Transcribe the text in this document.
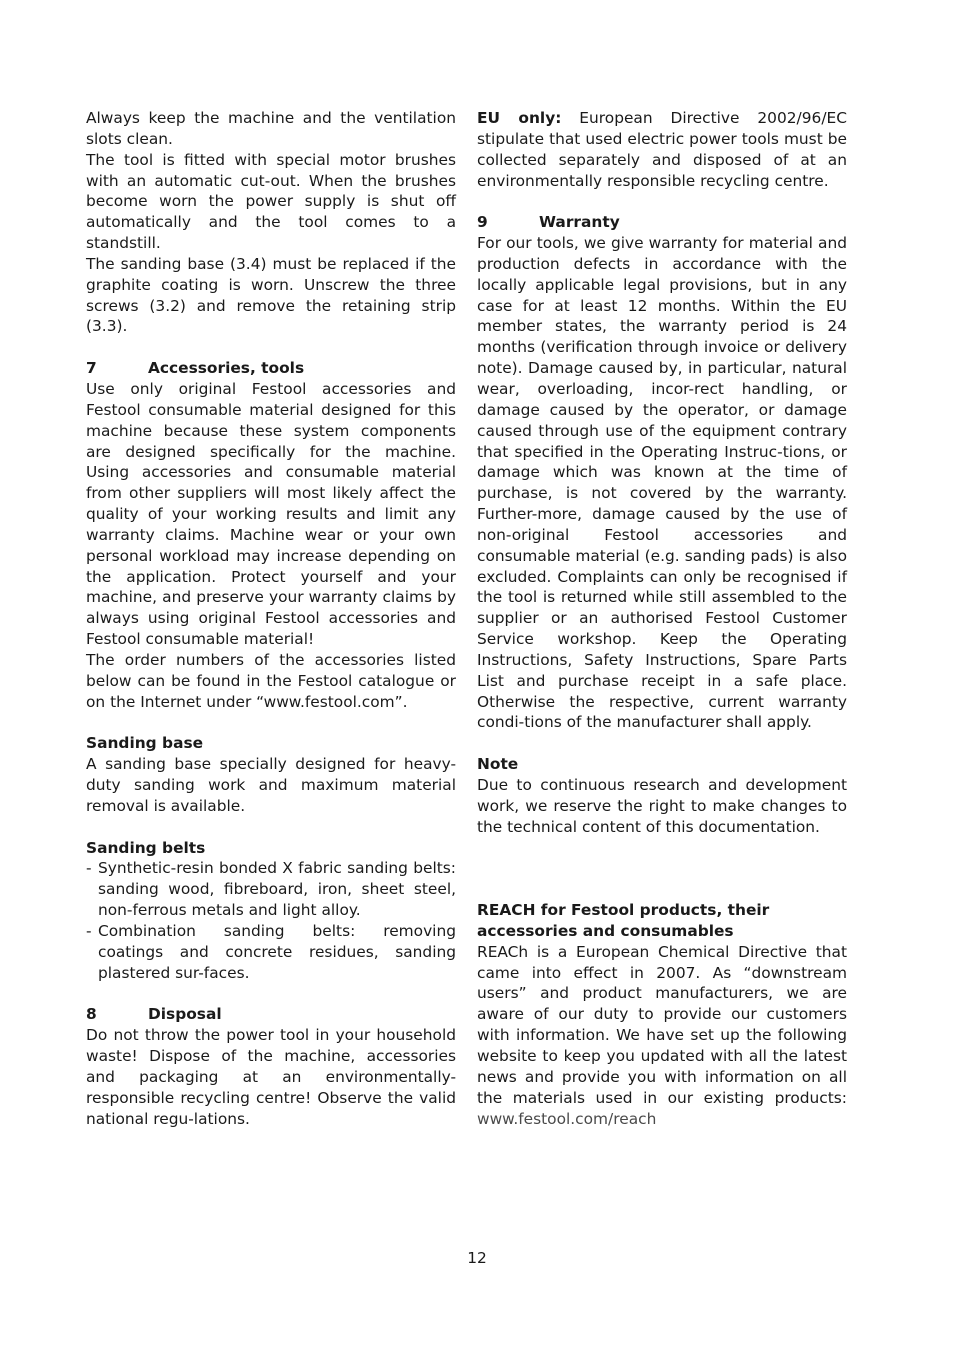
Always keep the machine and the ventilation slots clean.

The tool is fitted with special motor brushes with an automatic cut-out. When the brushes become worn the power supply is shut off automatically and the tool comes to a standstill.

The sanding base (3.4) must be replaced if the graphite coating is worn. Unscrew the three screws (3.2) and remove the retaining strip (3.3).

7	Accessories, tools

Use only original Festool accessories and Festool consumable material designed for this machine because these system components are designed specifically for the machine. Using accessories and consumable material from other suppliers will most likely affect the quality of your working results and limit any warranty claims. Machine wear or your own personal workload may increase depending on the application. Protect yourself and your machine, and preserve your warranty claims by always using original Festool accessories and Festool consumable material!

The order numbers of the accessories listed below can be found in the Festool catalogue or on the Internet under “www.festool.com”.

Sanding base

A sanding base specially designed for heavy-duty sanding work and maximum material removal is available.

Sanding belts

- Synthetic-resin bonded X fabric sanding belts: sanding wood, fibreboard, iron, sheet steel, non-ferrous metals and light alloy.
- Combination sanding belts: removing coatings and concrete residues, sanding plastered sur-faces.

8	Disposal

Do not throw the power tool in your household waste! Dispose of the machine, accessories and packaging at an environmentally-responsible recycling centre! Observe the valid national regu-lations.

EU only: European Directive 2002/96/EC stipulate that used electric power tools must be collected separately and disposed of at an environmentally responsible recycling centre.

9	Warranty

For our tools, we give warranty for material and production defects in accordance with the locally applicable legal provisions, but in any case for at least 12 months. Within the EU member states, the warranty period is 24 months (verification through invoice or delivery note). Damage caused by, in particular, natural wear, overloading, incor-rect handling, or damage caused by the operator, or damage caused through use of the equipment contrary that specified in the Operating Instruc-tions, or damage which was known at the time of purchase, is not covered by the warranty. Further-more, damage caused by the use of non-original Festool accessories and consumable material (e.g. sanding pads) is also excluded. Complaints can only be recognised if the tool is returned while still assembled to the supplier or an authorised Festool Customer Service workshop. Keep the Operating Instructions, Safety Instructions, Spare Parts List and purchase receipt in a safe place. Otherwise the respective, current warranty condi-tions of the manufacturer shall apply.

Note

Due to continuous research and development work, we reserve the right to make changes to the technical content of this documentation.

REACH for Festool products, their accessories and consumables

REACh is a European Chemical Directive that came into effect in 2007. As “downstream users” and product manufacturers, we are aware of our duty to provide our customers with information. We have set up the following website to keep you updated with all the latest news and provide you with information on all the materials used in our existing products: www.festool.com/reach

12
